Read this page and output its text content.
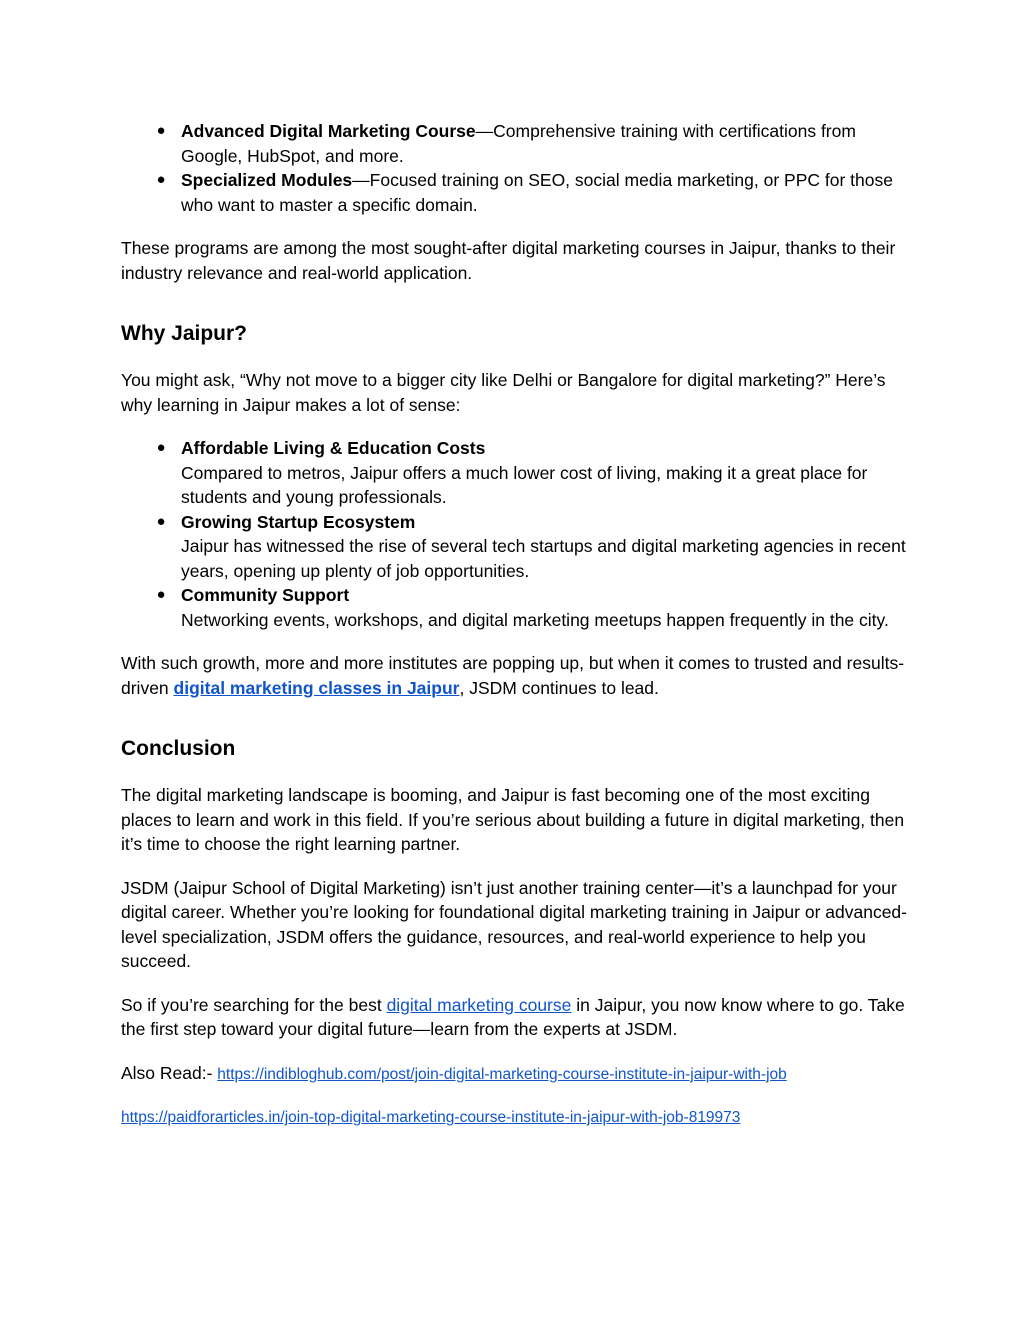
● Advanced Digital Marketing Course—Comprehensive training with certifications from Google, HubSpot, and more.
● Specialized Modules—Focused training on SEO, social media marketing, or PPC for those who want to master a specific domain.

These programs are among the most sought-after digital marketing courses in Jaipur, thanks to their industry relevance and real-world application.

Why Jaipur?

You might ask, “Why not move to a bigger city like Delhi or Bangalore for digital marketing?” Here’s why learning in Jaipur makes a lot of sense:

● Affordable Living & Education Costs
Compared to metros, Jaipur offers a much lower cost of living, making it a great place for students and young professionals.
● Growing Startup Ecosystem
Jaipur has witnessed the rise of several tech startups and digital marketing agencies in recent years, opening up plenty of job opportunities.
● Community Support
Networking events, workshops, and digital marketing meetups happen frequently in the city.

With such growth, more and more institutes are popping up, but when it comes to trusted and results-driven digital marketing classes in Jaipur, JSDM continues to lead.

Conclusion

The digital marketing landscape is booming, and Jaipur is fast becoming one of the most exciting places to learn and work in this field. If you’re serious about building a future in digital marketing, then it’s time to choose the right learning partner.

JSDM (Jaipur School of Digital Marketing) isn’t just another training center—it’s a launchpad for your digital career. Whether you’re looking for foundational digital marketing training in Jaipur or advanced-level specialization, JSDM offers the guidance, resources, and real-world experience to help you succeed.

So if you’re searching for the best digital marketing course in Jaipur, you now know where to go. Take the first step toward your digital future—learn from the experts at JSDM.

Also Read:- https://indibloghub.com/post/join-digital-marketing-course-institute-in-jaipur-with-job

https://paidforarticles.in/join-top-digital-marketing-course-institute-in-jaipur-with-job-819973
